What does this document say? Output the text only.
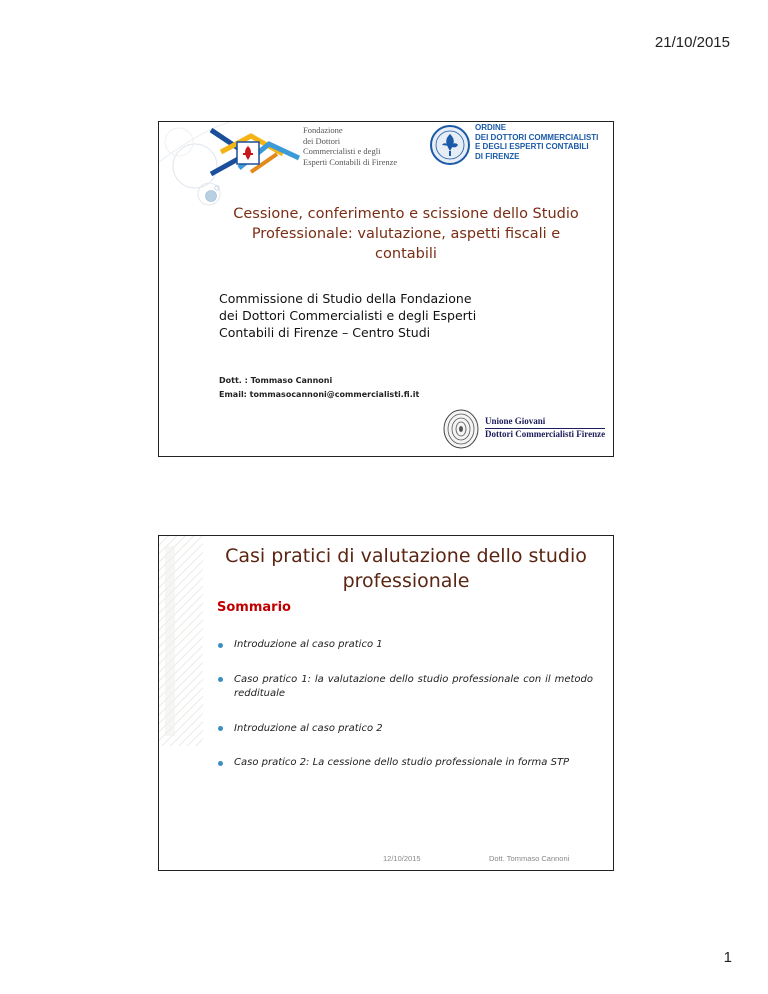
21/10/2015
Fondazione
dei Dottori
Commercialisti e degli
Esperti Contabili di Firenze
ORDINE
DEI DOTTORI COMMERCIALISTI
E DEGLI ESPERTI CONTABILI
DI FIRENZE
Cessione, conferimento e scissione dello Studio
Professionale: valutazione, aspetti fiscali e contabili
Commissione di Studio della Fondazione
dei Dottori Commercialisti e degli Esperti
Contabili di Firenze – Centro Studi
Dott. : Tommaso Cannoni
Email: tommasocannoni@commercialisti.fi.it
Unione Giovani
Dottori Commercialisti Firenze
Casi pratici di valutazione dello studio
professionale
Sommario
Introduzione al caso pratico 1
Caso pratico 1: la valutazione dello studio professionale con il metodo reddituale
Introduzione al caso pratico 2
Caso pratico 2: La cessione dello studio professionale in forma STP
12/10/2015	Dott. Tommaso Cannoni
1
